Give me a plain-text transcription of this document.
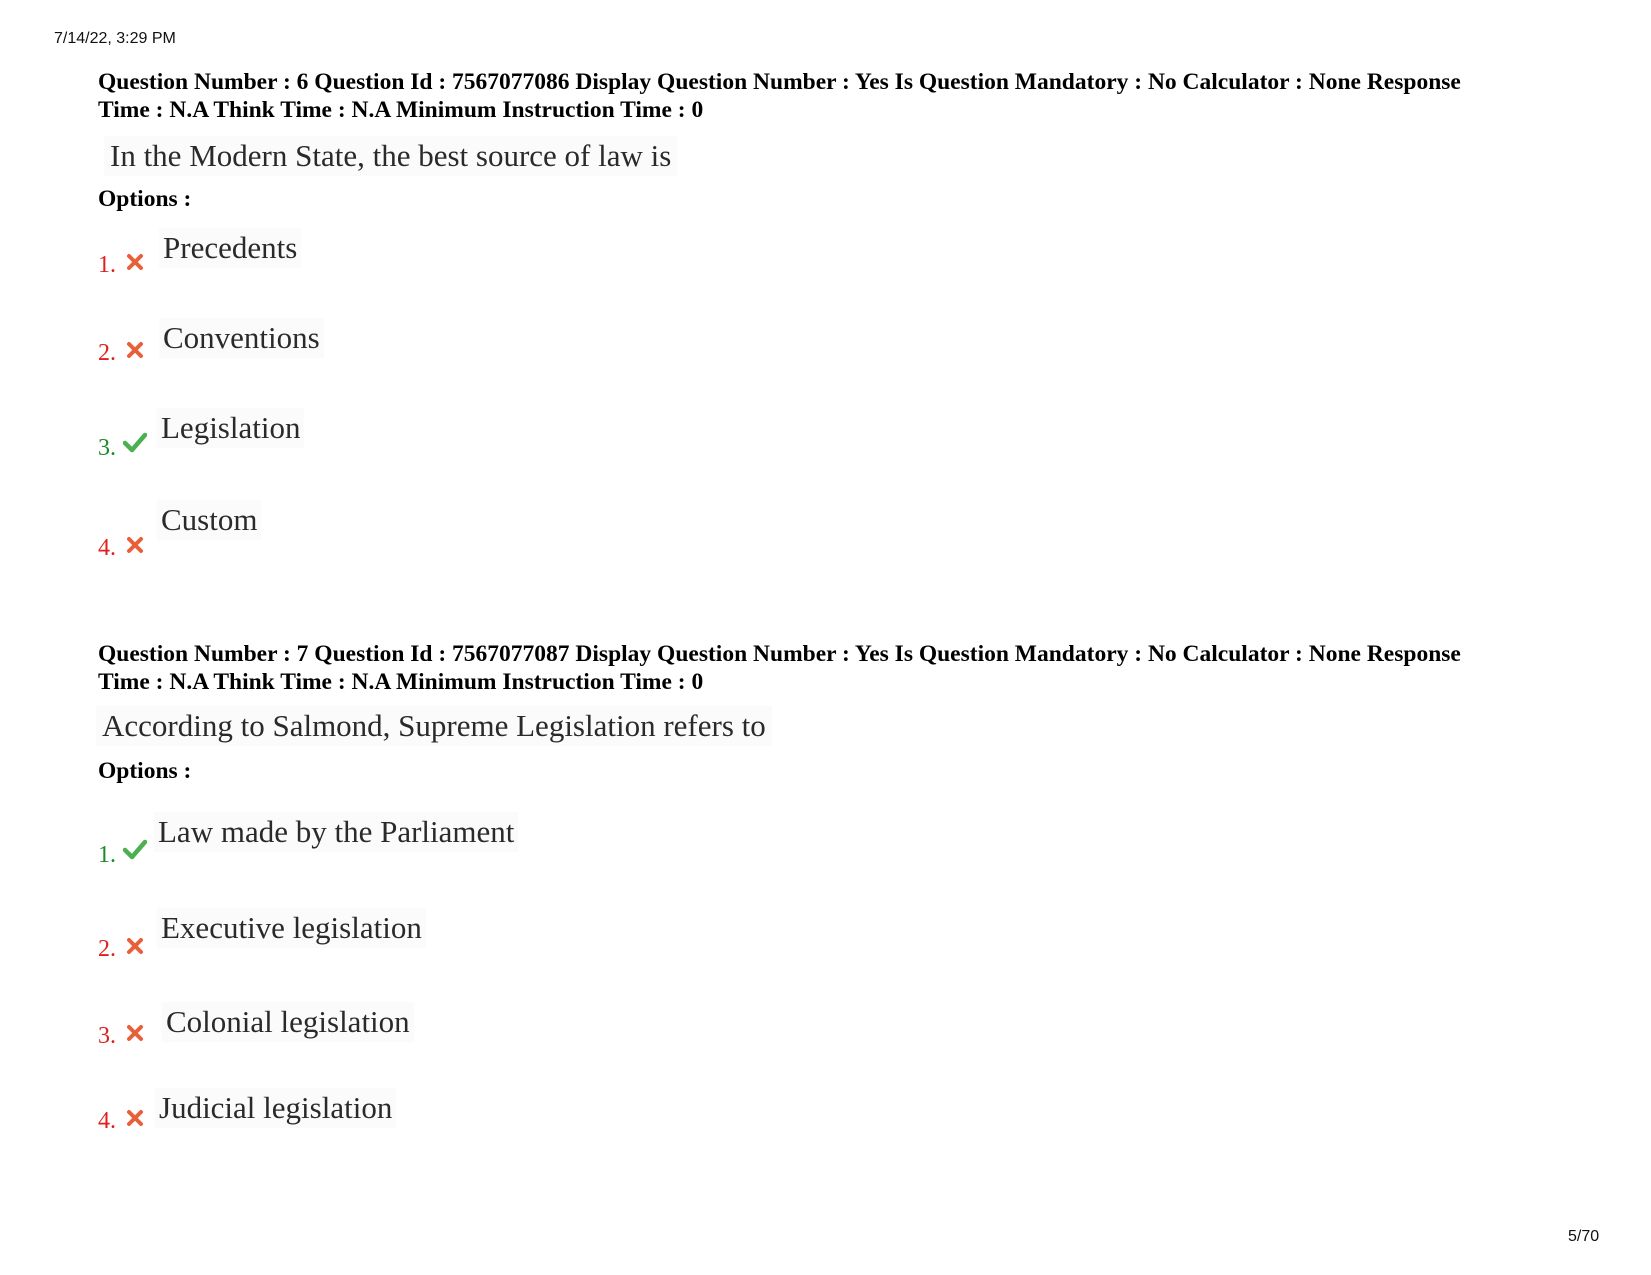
7/14/22, 3:29 PM

Question Number : 6 Question Id : 7567077086 Display Question Number : Yes Is Question Mandatory : No Calculator : None Response
Time : N.A Think Time : N.A Minimum Instruction Time : 0

In the Modern State, the best source of law is
Options :
1. Precedents
2. Conventions
3.
Legislation
4.
Custom

Question Number : 7 Question Id : 7567077087 Display Question Number : Yes Is Question Mandatory : No Calculator : None Response
Time : N.A Think Time : N.A Minimum Instruction Time : 0

According to Salmond, Supreme Legislation refers to
Options :
1.
Law made by the Parliament
2.
Executive legislation
3. Colonial legislation
4. Judicial legislation
5/70
